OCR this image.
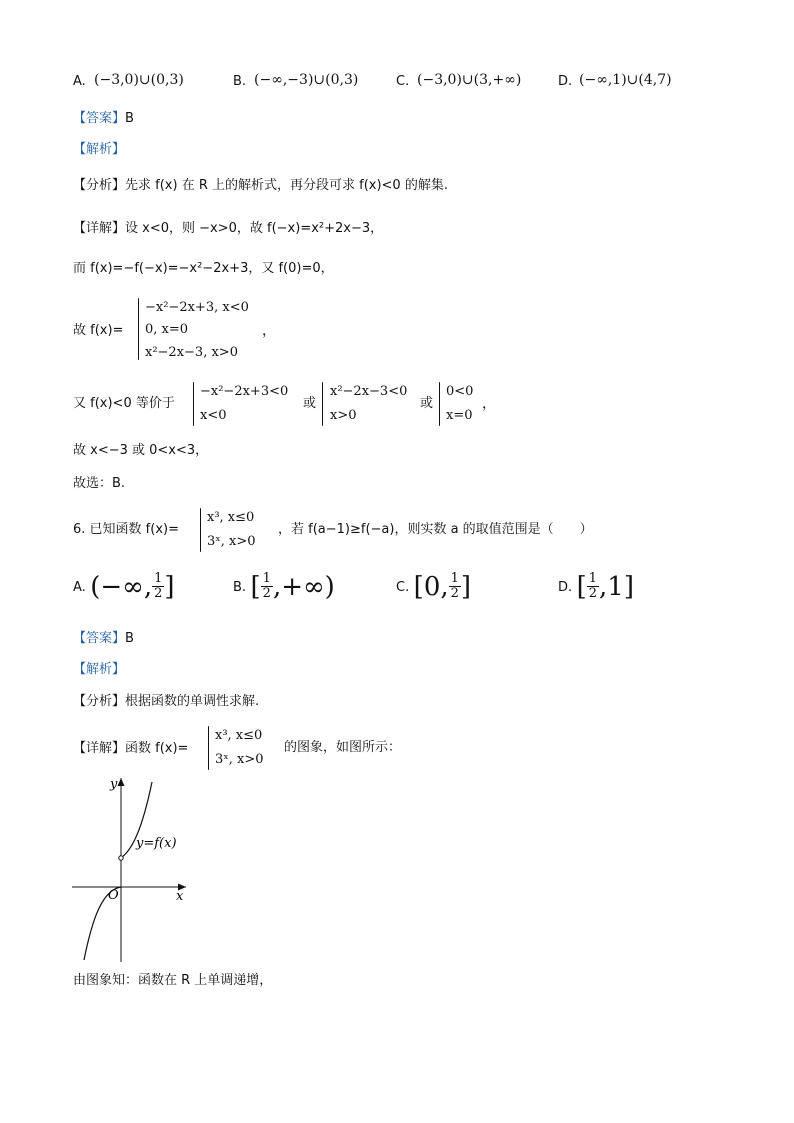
A. (−3,0)∪(0,3)	B. (−∞,−3)∪(0,3)	C. (−3,0)∪(3,+∞)	D. (−∞,1)∪(4,7)
【答案】B
【解析】
【分析】先求 f(x) 在 R 上的解析式，再分段可求 f(x)<0 的解集.
【详解】设 x<0，则 −x>0，故 f(−x)=x²+2x−3，
而 f(x)=−f(−x)=−x²−2x+3，又 f(0)=0，
故 f(x)=
−x²−2x+3, x<0
0, x=0
x²−2x−3, x>0
，
又 f(x)<0 等价于
−x²−2x+3<0
x<0
或
x²−2x−3<0
x>0
或
0<0
x=0
，
故 x<−3 或 0<x<3，
故选：B.
6. 已知函数 f(x)=
x³, x≤0
3ˣ, x>0
，若 f(a−1)≥f(−a)，则实数 a 的取值范围是（　　）
A. (−∞, $\frac{1}{2}$ ]	B. [ $\frac{1}{2}$ ,+∞)	C. [0, $\frac{1}{2}$ ]	D. [ $\frac{1}{2} ,1$]
【答案】B
【解析】
【分析】根据函数的单调性求解.
【详解】函数 f(x)=
x³, x≤0
3ˣ, x>0
的图象，如图所示：
y
x
O
y=f(x)
由图象知：函数在 R 上单调递增，
